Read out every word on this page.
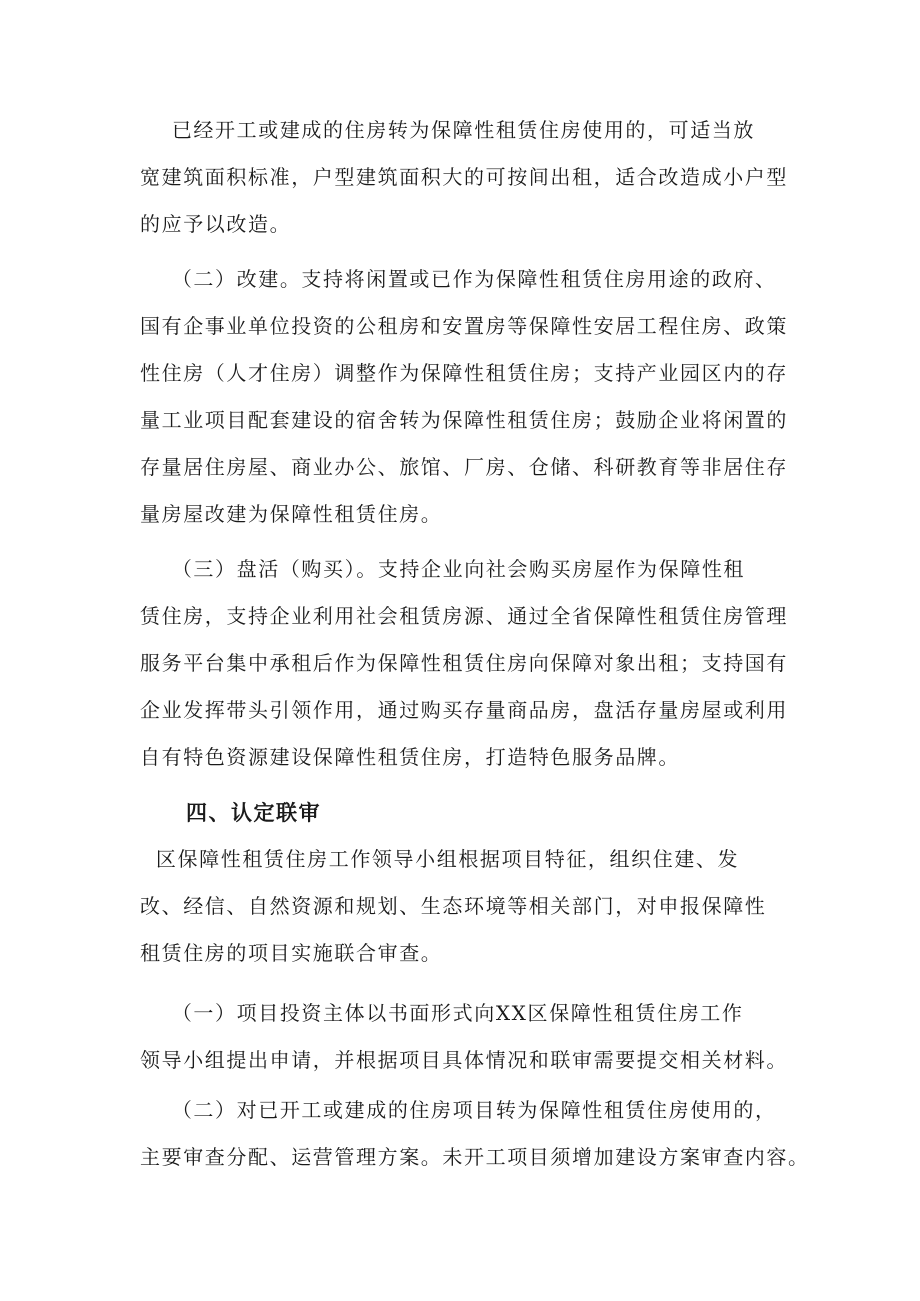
已经开工或建成的住房转为保障性租赁住房使用的，可适当放
宽建筑面积标准，户型建筑面积大的可按间出租，适合改造成小户型
的应予以改造。
（二）改建。支持将闲置或已作为保障性租赁住房用途的政府、
国有企事业单位投资的公租房和安置房等保障性安居工程住房、政策
性住房（人才住房）调整作为保障性租赁住房；支持产业园区内的存
量工业项目配套建设的宿舍转为保障性租赁住房；鼓励企业将闲置的
存量居住房屋、商业办公、旅馆、厂房、仓储、科研教育等非居住存
量房屋改建为保障性租赁住房。
（三）盘活（购买）。支持企业向社会购买房屋作为保障性租
赁住房，支持企业利用社会租赁房源、通过全省保障性租赁住房管理
服务平台集中承租后作为保障性租赁住房向保障对象出租；支持国有
企业发挥带头引领作用，通过购买存量商品房，盘活存量房屋或利用
自有特色资源建设保障性租赁住房，打造特色服务品牌。
四、认定联审
区保障性租赁住房工作领导小组根据项目特征，组织住建、发
改、经信、自然资源和规划、生态环境等相关部门，对申报保障性
租赁住房的项目实施联合审查。
（一）项目投资主体以书面形式向XX区保障性租赁住房工作
领导小组提出申请，并根据项目具体情况和联审需要提交相关材料。
（二）对已开工或建成的住房项目转为保障性租赁住房使用的，
主要审查分配、运营管理方案。未开工项目须增加建设方案审查内容。
